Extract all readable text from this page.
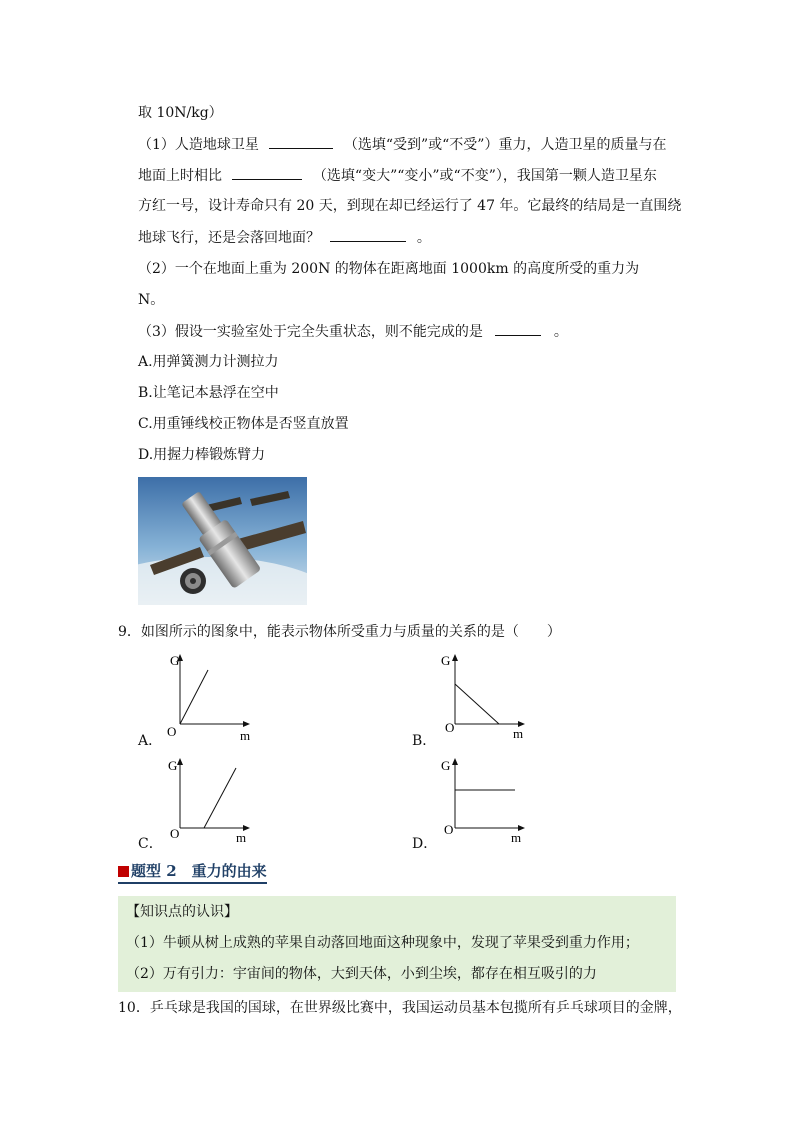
取 10N/kg）
（1）人造地球卫星	（选填“受到”或“不受”）重力，人造卫星的质量与在
地面上时相比	（选填“变大”“变小”或“不变”），我国第一颗人造卫星东
方红一号，设计寿命只有 20 天，到现在却已经运行了 47 年。它最终的结局是一直围绕
地球飞行，还是会落回地面？	。
（2）一个在地面上重为 200N 的物体在距离地面 1000km 的高度所受的重力为
N。
（3）假设一实验室处于完全失重状态，则不能完成的是	。
A.用弹簧测力计测拉力
B.让笔记本悬浮在空中
C.用重锤线校正物体是否竖直放置
D.用握力棒锻炼臂力
9．如图所示的图象中，能表示物体所受重力与质量的关系的是（　　）
G
O	m
A．
G
O	m
B．
G
O	m
C．
G
O
m
D．
题型 2　重力的由来
【知识点的认识】
（1）牛顿从树上成熟的苹果自动落回地面这种现象中，发现了苹果受到重力作用；
（2）万有引力：宇宙间的物体，大到天体，小到尘埃，都存在相互吸引的力
10．乒乓球是我国的国球，在世界级比赛中，我国运动员基本包揽所有乒乓球项目的金牌，
